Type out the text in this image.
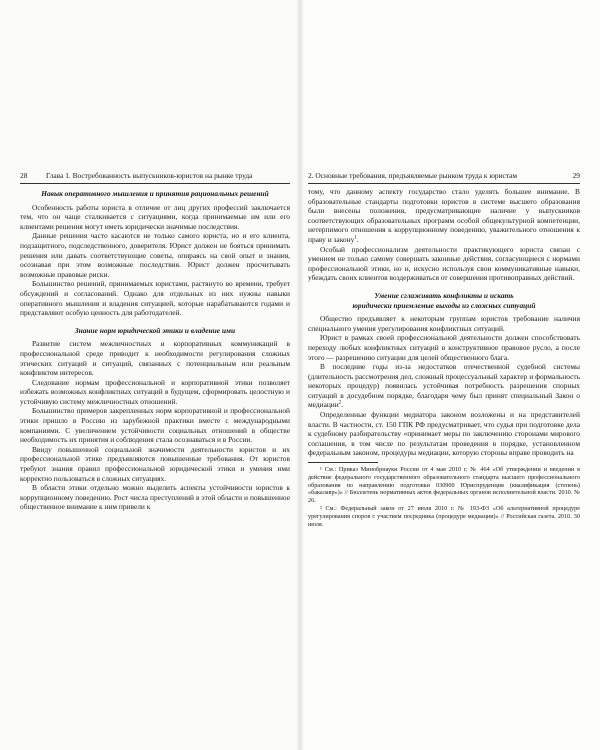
28	Глава 1. Востребованность выпускников-юристов на рынке труда
Навык оперативного мышления и принятия рациональных решений

Особенность работы юриста в отличие от лиц других профессий заключается тем, что он чаще сталкивается с ситуациями, когда принимаемые им или его клиентами решения могут иметь юридически значимые последствия.

Данные решения часто касаются не только самого юриста, но и его клиента, подзащитного, подследственного, доверителя. Юрист должен не бояться принимать решения или давать соответствующие советы, опираясь на свой опыт и знания, осознавая при этом возможные последствия. Юрист должен просчитывать возможные правовые риски.

Большинство решений, принимаемых юристами, растянуто во времени, требует обсуждений и согласований. Однако для отдельных из них нужны навыки оперативного мышления и владения ситуацией, которые нарабатываются годами и представляют особую ценность для работодателей.

Знание норм юридической этики и владение ими

Развитие систем межличностных и корпоративных коммуникаций в профессиональной среде приводит к необходимости регулирования сложных этических ситуаций и ситуаций, связанных с потенциальным или реальным конфликтом интересов.

Следование нормам профессиональной и корпоративной этики позволяет избежать возможных конфликтных ситуаций в будущем, сформировать целостную и устойчивую систему межличностных отношений.

Большинство примеров закрепленных норм корпоративной и профессиональной этики пришло в Россию из зарубежной практики вместе с международными компаниями. С увеличением устойчивости социальных отношений в обществе необходимость их принятия и соблюдения стала осознаваться и в России.

Ввиду повышенной социальной значимости деятельности юристов и их профессиональной этике предъявляются повышенные требования. От юристов требуют знания правил профессиональной юридической этики и умения ими корректно пользоваться в сложных ситуациях.

В области этики отдельно можно выделить аспекты устойчивости юристов к коррупционному поведению. Рост числа преступлений в этой области и повышенное общественное внимание к ним привели к

2. Основные требования, предъявляемые рынком труда к юристам	29

тому, что данному аспекту государство стало уделять большее внимание. В образовательные стандарты подготовки юристов в системе высшего образования были внесены положения, предусматривающие наличие у выпускников соответствующих образовательных программ особой общекультурной компетенции, нетерпимого отношения к коррупционному поведению, уважительного отношения к праву и закону$^1$.

Особый профессионализм деятельности практикующего юриста связан с умением не только самому совершать законные действия, согласующиеся с нормами профессиональной этики, но и, искусно используя свои коммуникативные навыки, убеждать своих клиентов воздерживаться от совершения противоправных действий.

Умение сглаживать конфликты и искать
юридически приемлемые выходы из сложных ситуаций

Общество предъявляет к некоторым группам юристов требование наличия специального умения урегулирования конфликтных ситуаций.

Юрист в рамках своей профессиональной деятельности должен способствовать переходу любых конфликтных ситуаций в конструктивное правовое русло, а после этого — разрешению ситуации для целей общественного блага.

В последние годы из-за недостатков отечественной судебной системы (длительность рассмотрения дел, сложный процессуальный характер и формальность некоторых процедур) появилась устойчивая потребность разрешения спорных ситуаций в досудебном порядке, благодаря чему был принят специальный Закон о медиации$^2$.

Определенные функции медиатора законом возложены и на представителей власти. В частности, ст. 150 ГПК РФ предусматривает, что судья при подготовке дела к судебному разбирательству «принимает меры по заключению сторонами мирового соглашения, в том числе по результатам проведения в порядке, установленном федеральным законом, процедуры медиации, которую стороны вправе проводить на

¹ См.: Приказ Минобрнауки России от 4 мая 2010 г. № 464 «Об утверждении и введении в действие федерального государственного образовательного стандарта высшего профессионального образования по направлению подготовки 030900 Юриспруденция (квалификация (степень) «бакалавр»)» // Бюллетень нормативных актов федеральных органов исполнительной власти. 2010. № 26.

² См.: Федеральный закон от 27 июля 2010 г. № 193-ФЗ «Об альтернативной процедуре урегулирования споров с участием посредника (процедуре медиации)» // Российская газета. 2010. 30 июля.
